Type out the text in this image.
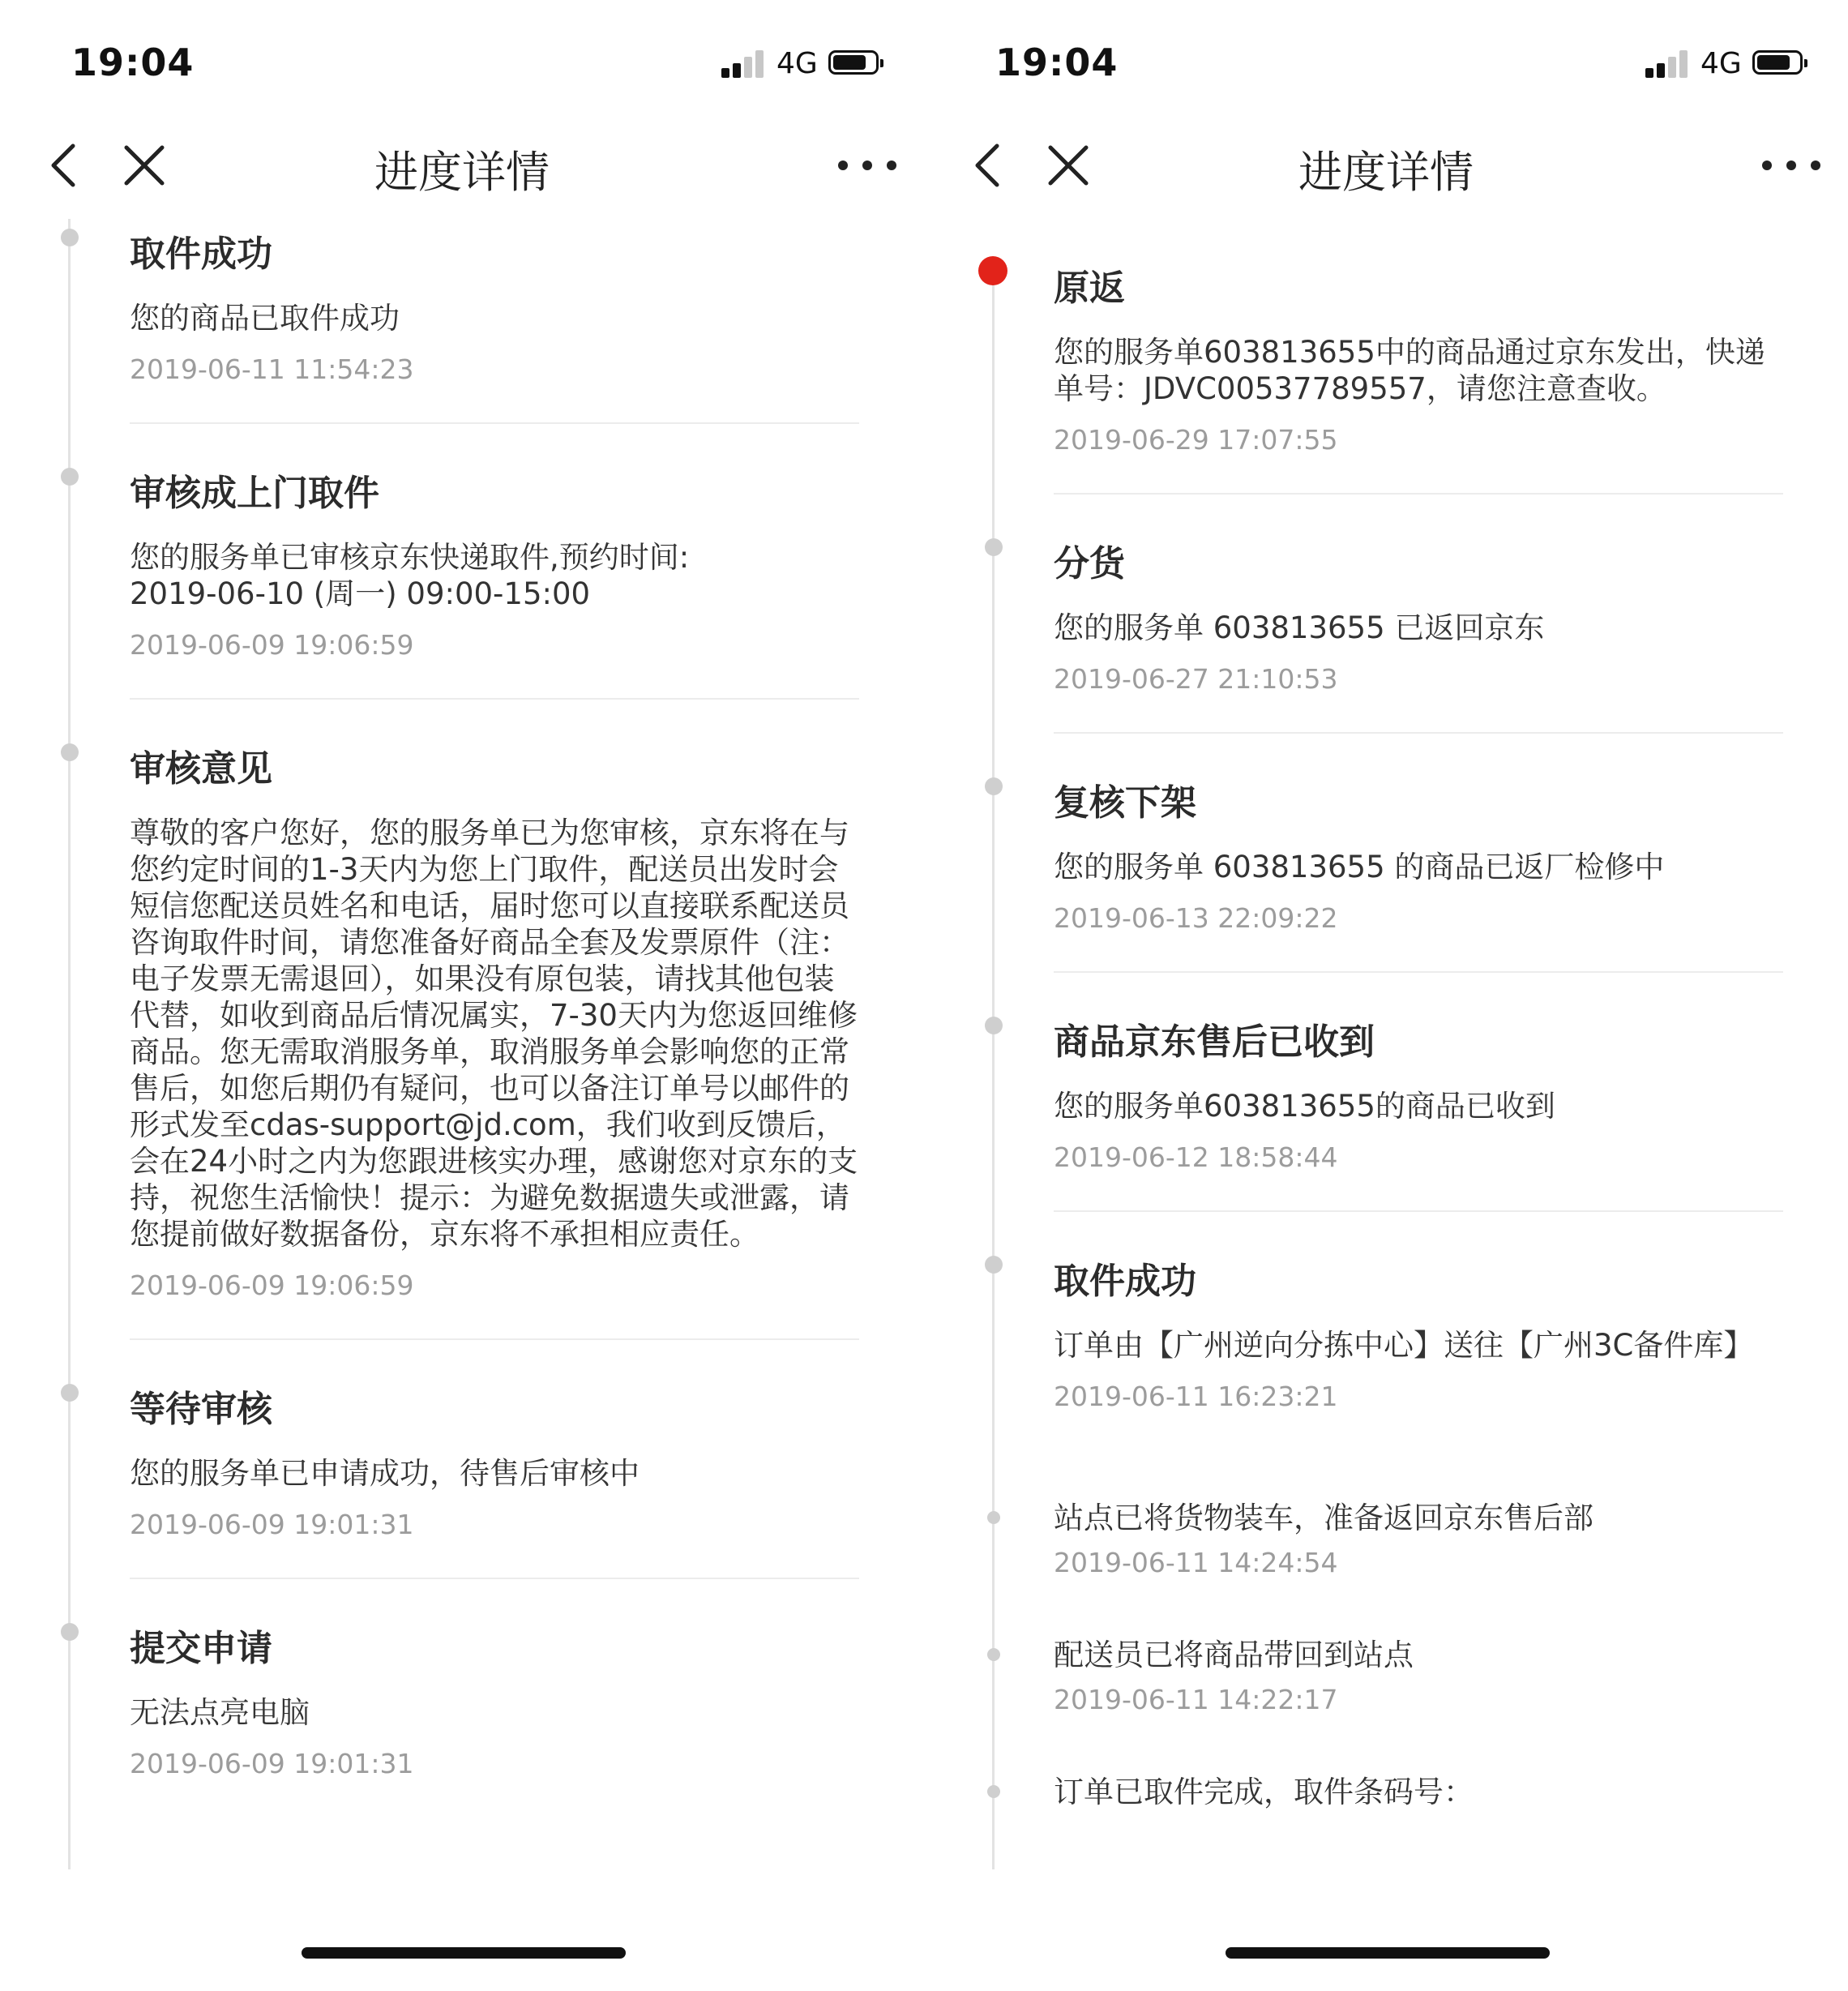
19:04	4G
进度详情
取件成功
您的商品已取件成功
2019-06-11 11:54:23
审核成上门取件
您的服务单已审核京东快递取件,预约时间:
2019-06-10 (周一) 09:00-15:00
2019-06-09 19:06:59
审核意见
尊敬的客户您好，您的服务单已为您审核，京东将在与您约定时间的1-3天内为您上门取件，配送员出发时会短信您配送员姓名和电话，届时您可以直接联系配送员咨询取件时间，请您准备好商品全套及发票原件（注：电子发票无需退回），如果没有原包装，请找其他包装代替，如收到商品后情况属实，7-30天内为您返回维修商品。您无需取消服务单，取消服务单会影响您的正常售后，如您后期仍有疑问，也可以备注订单号以邮件的形式发至cdas-support@jd.com，我们收到反馈后，会在24小时之内为您跟进核实办理，感谢您对京东的支持，祝您生活愉快！提示：为避免数据遗失或泄露，请您提前做好数据备份，京东将不承担相应责任。
2019-06-09 19:06:59
等待审核
您的服务单已申请成功，待售后审核中
2019-06-09 19:01:31
提交申请
无法点亮电脑
2019-06-09 19:01:31
19:04	4G
进度详情
原返
您的服务单603813655中的商品通过京东发出，快递单号：JDVC00537789557，请您注意查收。
2019-06-29 17:07:55
分货
您的服务单 603813655 已返回京东
2019-06-27 21:10:53
复核下架
您的服务单 603813655 的商品已返厂检修中
2019-06-13 22:09:22
商品京东售后已收到
您的服务单603813655的商品已收到
2019-06-12 18:58:44
取件成功
订单由【广州逆向分拣中心】送往【广州3C备件库】
2019-06-11 16:23:21
站点已将货物装车，准备返回京东售后部
2019-06-11 14:24:54
配送员已将商品带回到站点
2019-06-11 14:22:17
订单已取件完成，取件条码号：
